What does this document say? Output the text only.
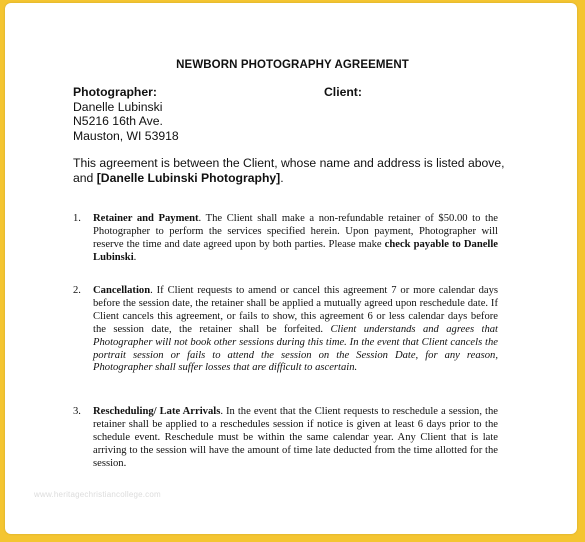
NEWBORN PHOTOGRAPHY AGREEMENT
Photographer:
Danelle Lubinski
N5216 16th Ave.
Mauston, WI 53918
Client:
This agreement is between the Client, whose name and address is listed above, and [Danelle Lubinski Photography].
1. Retainer and Payment. The Client shall make a non-refundable retainer of $50.00 to the Photographer to perform the services specified herein. Upon payment, Photographer will reserve the time and date agreed upon by both parties. Please make check payable to Danelle Lubinski.
2. Cancellation. If Client requests to amend or cancel this agreement 7 or more calendar days before the session date, the retainer shall be applied a mutually agreed upon reschedule date. If Client cancels this agreement, or fails to show, this agreement 6 or less calendar days before the session date, the retainer shall be forfeited. Client understands and agrees that Photographer will not book other sessions during this time. In the event that Client cancels the portrait session or fails to attend the session on the Session Date, for any reason, Photographer shall suffer losses that are difficult to ascertain.
3. Rescheduling/ Late Arrivals. In the event that the Client requests to reschedule a session, the retainer shall be applied to a reschedules session if notice is given at least 6 days prior to the schedule event. Reschedule must be within the same calendar year. Any Client that is late arriving to the session will have the amount of time late deducted from the time allotted for the session.
www.heritagechristiancollege.com
